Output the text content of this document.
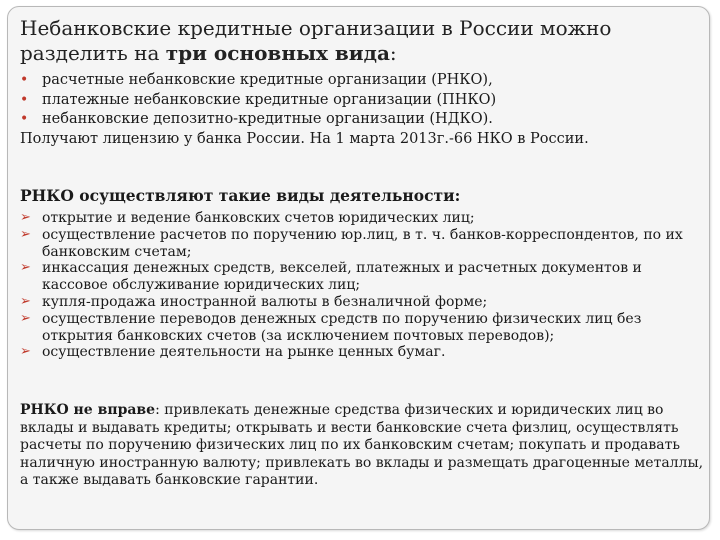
Небанковские кредитные организации в России можно
разделить на три основных вида:
• расчетные небанковские кредитные организации (РНКО),
• платежные небанковские кредитные организации (ПНКО)
• небанковские депозитно-кредитные организации (НДКО).
Получают лицензию у банка России. На 1 марта 2013г.-66 НКО в России.
РНКО осуществляют такие виды деятельности:
➢ открытие и ведение банковских счетов юридических лиц;
➢ осуществление расчетов по поручению юр.лиц, в т. ч. банков-корреспондентов, по их банковским счетам;
➢ инкассация денежных средств, векселей, платежных и расчетных документов и кассовое обслуживание юридических лиц;
➢ купля-продажа иностранной валюты в безналичной форме;
➢ осуществление переводов денежных средств по поручению физических лиц без открытия банковских счетов (за исключением почтовых переводов);
➢ осуществление деятельности на рынке ценных бумаг.
РНКО не вправе: привлекать денежные средства физических и юридических лиц во вклады и выдавать кредиты; открывать и вести банковские счета физлиц, осуществлять расчеты по поручению физических лиц по их банковским счетам; покупать и продавать наличную иностранную валюту; привлекать во вклады и размещать драгоценные металлы, а также выдавать банковские гарантии.
